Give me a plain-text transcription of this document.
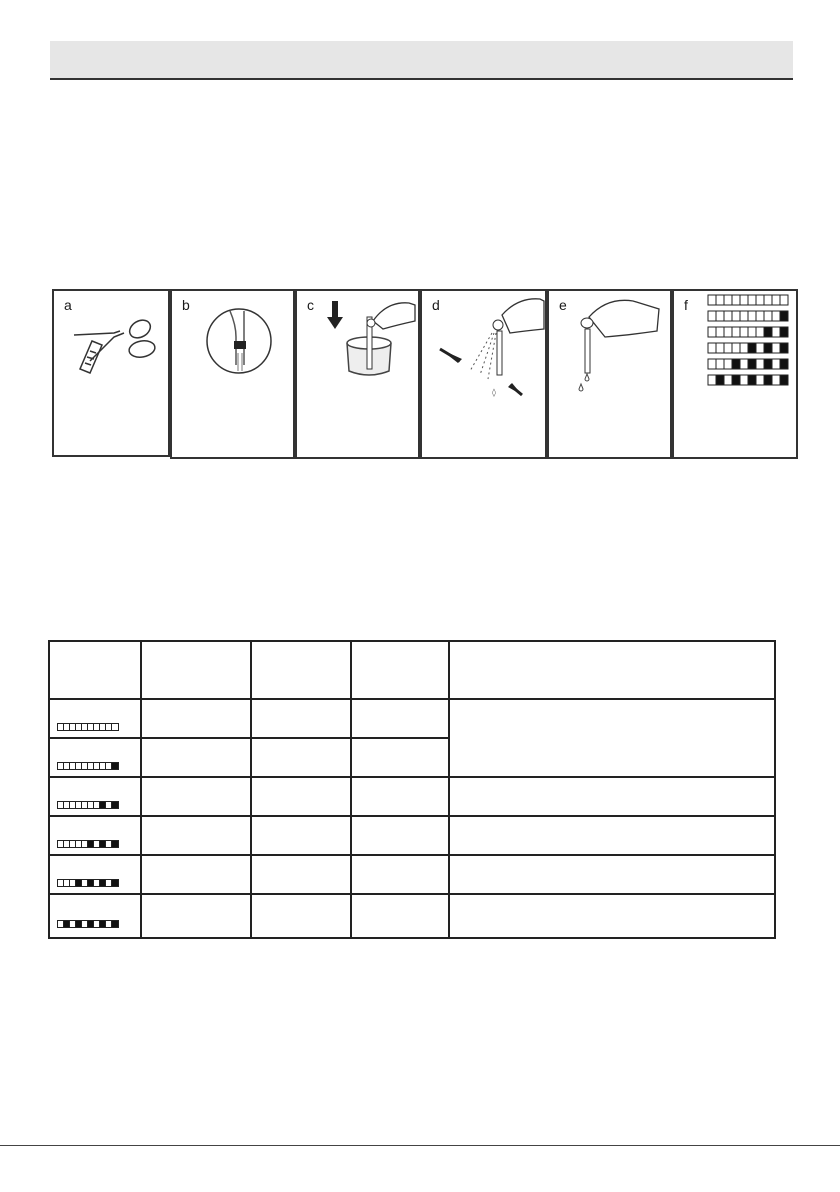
a	b	c	d
◊
e	f
